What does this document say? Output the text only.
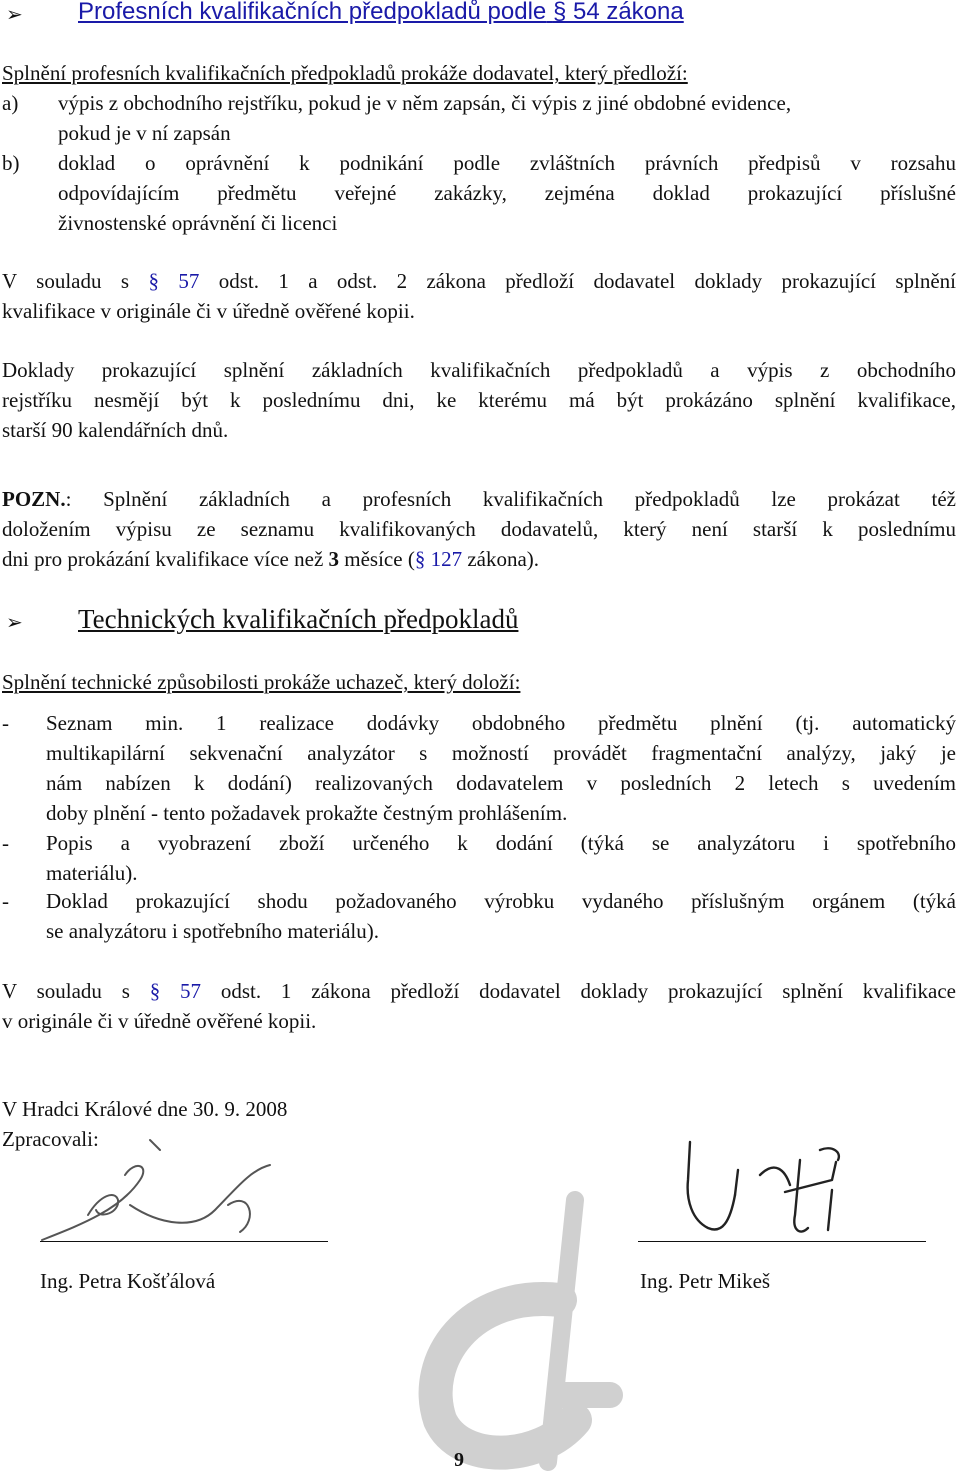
➢ Profesních kvalifikačních předpokladů podle § 54 zákona
Splnění profesních kvalifikačních předpokladů prokáže dodavatel, který předloží:
a) výpis z obchodního rejstříku, pokud je v něm zapsán, či výpis z jiné obdobné evidence,
pokud je v ní zapsán
b) doklad o oprávnění k podnikání podle zvláštních právních předpisů v rozsahu
odpovídajícím předmětu veřejné zakázky, zejména doklad prokazující příslušné
živnostenské oprávnění či licenci
V souladu s § 57 odst. 1 a odst. 2 zákona předloží dodavatel doklady prokazující splnění
kvalifikace v originále či v úředně ověřené kopii.
Doklady prokazující splnění základních kvalifikačních předpokladů a výpis z obchodního
rejstříku nesmějí být k poslednímu dni, ke kterému má být prokázáno splnění kvalifikace,
starší 90 kalendářních dnů.
POZN.: Splnění základních a profesních kvalifikačních předpokladů lze prokázat též
doložením výpisu ze seznamu kvalifikovaných dodavatelů, který není starší k poslednímu
dni pro prokázání kvalifikace více než 3 měsíce (§ 127 zákona).
➢ Technických kvalifikačních předpokladů
Splnění technické způsobilosti prokáže uchazeč, který doloží:
- Seznam min. 1 realizace dodávky obdobného předmětu plnění (tj. automatický
multikapilární sekvenační analyzátor s možností provádět fragmentační analýzy, jaký je
nám nabízen k dodání) realizovaných dodavatelem v posledních 2 letech s uvedením
doby plnění - tento požadavek prokažte čestným prohlášením.
- Popis a vyobrazení zboží určeného k dodání (týká se analyzátoru i spotřebního
materiálu).
- Doklad prokazující shodu požadovaného výrobku vydaného příslušným orgánem (týká
se analyzátoru i spotřebního materiálu).
V souladu s § 57 odst. 1 zákona předloží dodavatel doklady prokazující splnění kvalifikace
v originále či v úředně ověřené kopii.
V Hradci Králové dne 30. 9. 2008
Zpracovali:
Ing. Petra Košťálová	Ing. Petr Mikeš
9
